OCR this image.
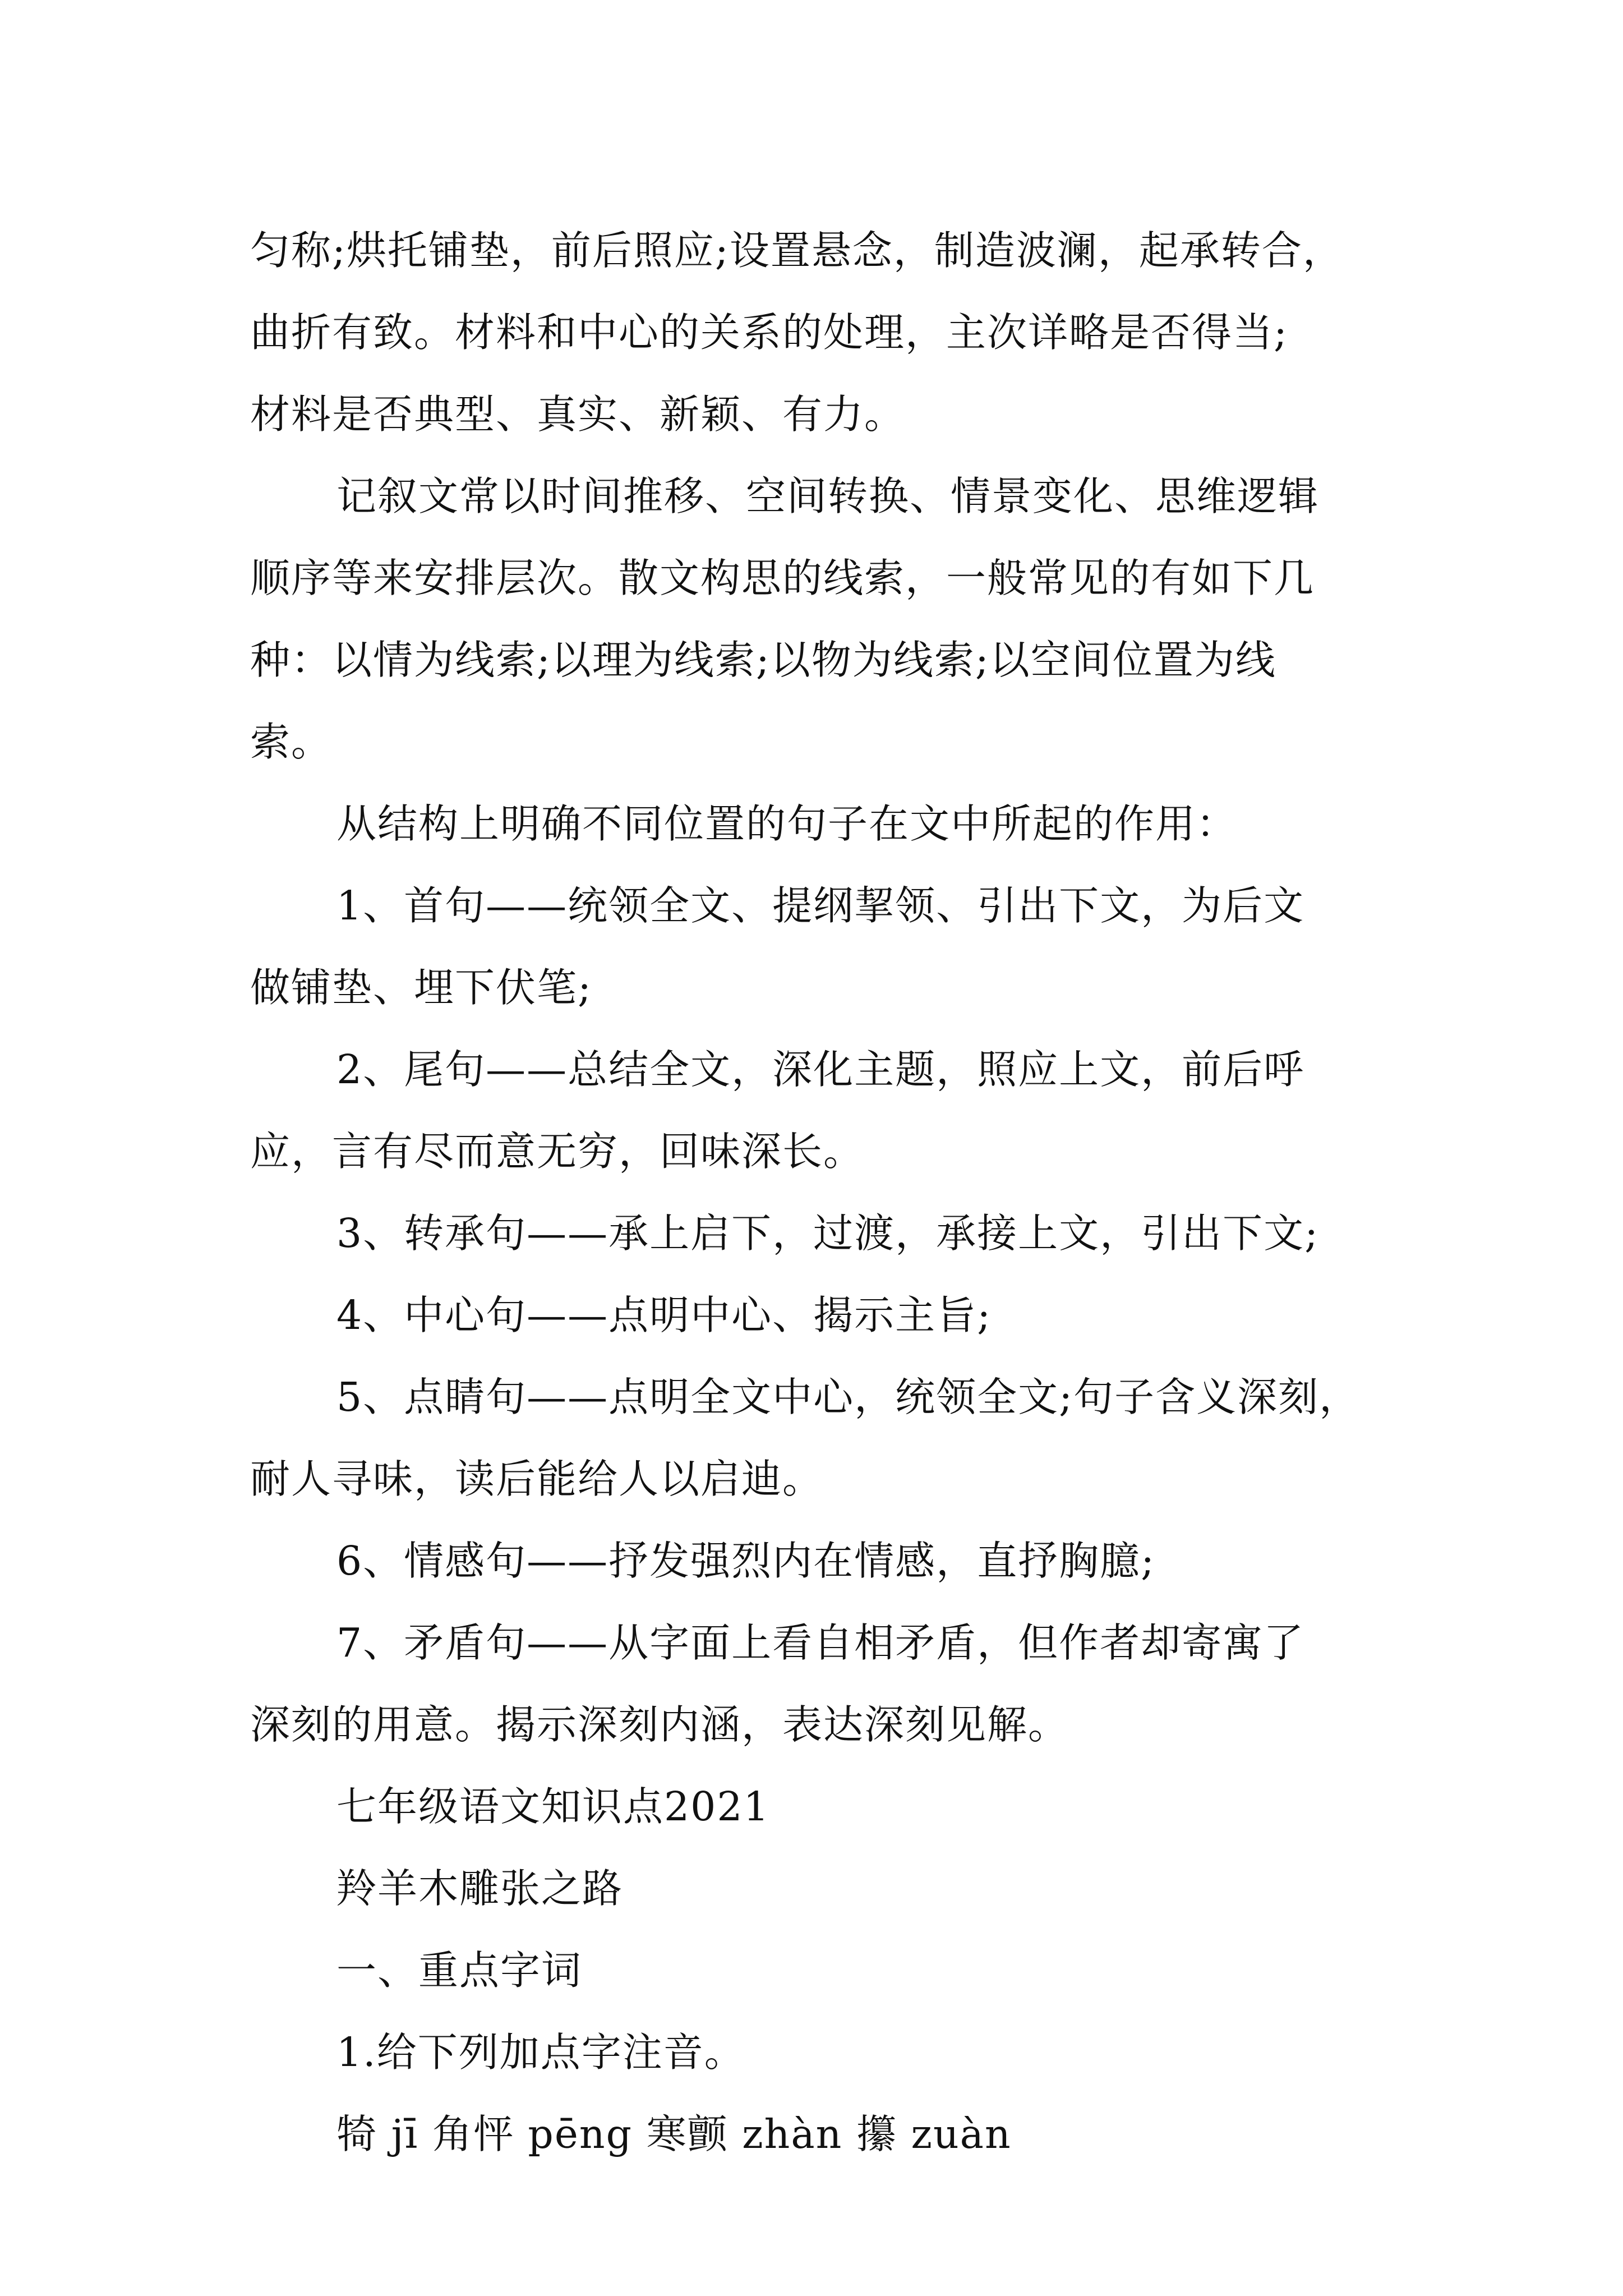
匀称;烘托铺垫，前后照应;设置悬念，制造波澜，起承转合，
曲折有致。材料和中心的关系的处理，主次详略是否得当;
材料是否典型、真实、新颖、有力。
记叙文常以时间推移、空间转换、情景变化、思维逻辑
顺序等来安排层次。散文构思的线索，一般常见的有如下几
种：以情为线索;以理为线索;以物为线索;以空间位置为线
索。
从结构上明确不同位置的句子在文中所起的作用：
1、首句——统领全文、提纲挈领、引出下文，为后文
做铺垫、埋下伏笔;
2、尾句——总结全文，深化主题，照应上文，前后呼
应，言有尽而意无穷，回味深长。
3、转承句——承上启下，过渡，承接上文，引出下文;
4、中心句——点明中心、揭示主旨;
5、点睛句——点明全文中心，统领全文;句子含义深刻，
耐人寻味，读后能给人以启迪。
6、情感句——抒发强烈内在情感，直抒胸臆;
7、矛盾句——从字面上看自相矛盾，但作者却寄寓了
深刻的用意。揭示深刻内涵，表达深刻见解。
七年级语文知识点2021
羚羊木雕张之路
一、重点字词
1.给下列加点字注音。
犄 jī 角怦 pēng 寒颤 zhàn 攥 zuàn
